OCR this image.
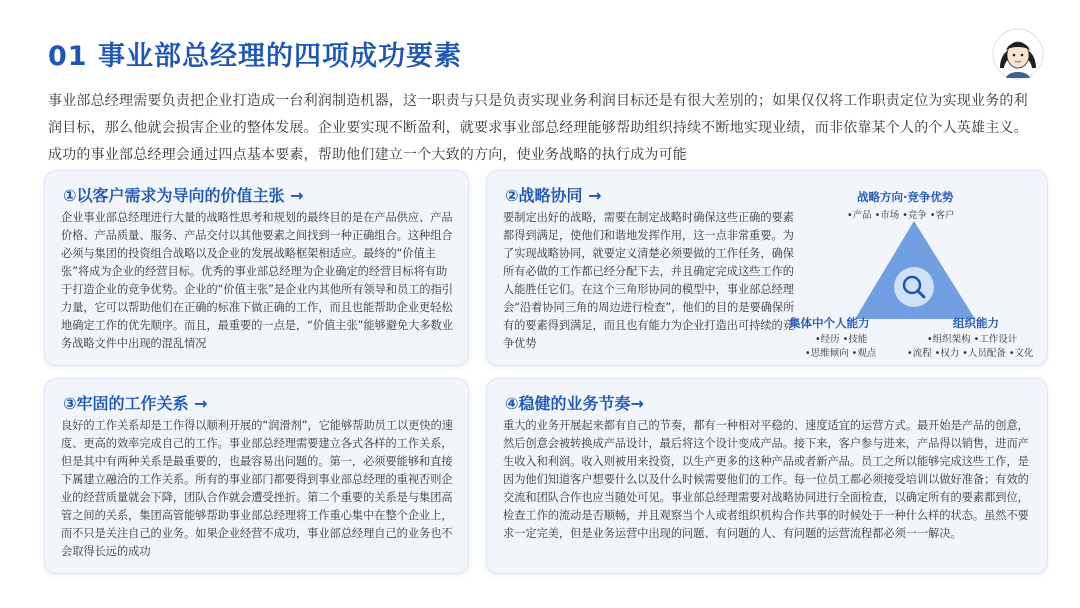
01 事业部总经理的四项成功要素
事业部总经理需要负责把企业打造成一台利润制造机器，这一职责与只是负责实现业务利润目标还是有很大差别的；如果仅仅将工作职责定位为实现业务的利润目标，那么他就会损害企业的整体发展。企业要实现不断盈利，就要求事业部总经理能够帮助组织持续不断地实现业绩，而非依靠某个人的个人英雄主义。成功的事业部总经理会通过四点基本要素，帮助他们建立一个大致的方向，使业务战略的执行成为可能
①以客户需求为导向的价值主张 →
企业事业部总经理进行大量的战略性思考和规划的最终目的是在产品供应、产品价格、产品质量、服务、产品交付以其他要素之间找到一种正确组合。这种组合必须与集团的投资组合战略以及企业的发展战略框架相适应。最终的“价值主张”将成为企业的经营目标。优秀的事业部总经理为企业确定的经营目标将有助于打造企业的竞争优势。企业的“价值主张”是企业内其他所有领导和员工的指引力量，它可以帮助他们在正确的标准下做正确的工作，而且也能帮助企业更轻松地确定工作的优先顺序。而且，最重要的一点是，“价值主张”能够避免大多数业务战略文件中出现的混乱情况
②战略协同 →
要制定出好的战略，需要在制定战略时确保这些正确的要素都得到满足，使他们和谐地发挥作用，这一点非常重要。为了实现战略协同，就要定义清楚必须要做的工作任务，确保所有必做的工作都已经分配下去，并且确定完成这些工作的人能胜任它们。在这个三角形协同的模型中，事业部总经理会“沿着协同三角的周边进行检查”，他们的目的是要确保所有的要素得到满足，而且也有能力为企业打造出可持续的竞争优势
战略方向·竞争优势
•产品 •市场 •竞争 •客户
集体中个人能力
•经历 •技能
•思维倾向 •观点
组织能力
•组织架构 •工作设计
•流程 •权力 •人员配备 •文化
③牢固的工作关系 →
良好的工作关系却是工作得以顺利开展的“润滑剂”，它能够帮助员工以更快的速度、更高的效率完成自己的工作。事业部总经理需要建立各式各样的工作关系，但是其中有两种关系是最重要的，也最容易出问题的。第一，必须要能够和直接下属建立融洽的工作关系。所有的事业部门都要得到事业部总经理的重视否则企业的经营质量就会下降，团队合作就会遭受挫折。第二个重要的关系是与集团高管之间的关系，集团高管能够帮助事业部总经理将工作重心集中在整个企业上，而不只是关注自己的业务。如果企业经营不成功，事业部总经理自己的业务也不会取得长远的成功
④稳健的业务节奏→
重大的业务开展起来都有自己的节奏，都有一种相对平稳的、速度适宜的运营方式。最开始是产品的创意，然后创意会被转换成产品设计，最后将这个设计变成产品。接下来，客户参与进来，产品得以销售，进而产生收入和利润。收入则被用来投资，以生产更多的这种产品或者新产品。员工之所以能够完成这些工作，是因为他们知道客户想要什么以及什么时候需要他们的工作。每一位员工都必须接受培训以做好准备；有效的交流和团队合作也应当随处可见。事业部总经理需要对战略协同进行全面检查，以确定所有的要素都到位，检查工作的流动是否顺畅，并且观察当个人或者组织机构合作共事的时候处于一种什么样的状态。虽然不要求一定完美，但是业务运营中出现的问题、有问题的人、有问题的运营流程都必须一一解决。
